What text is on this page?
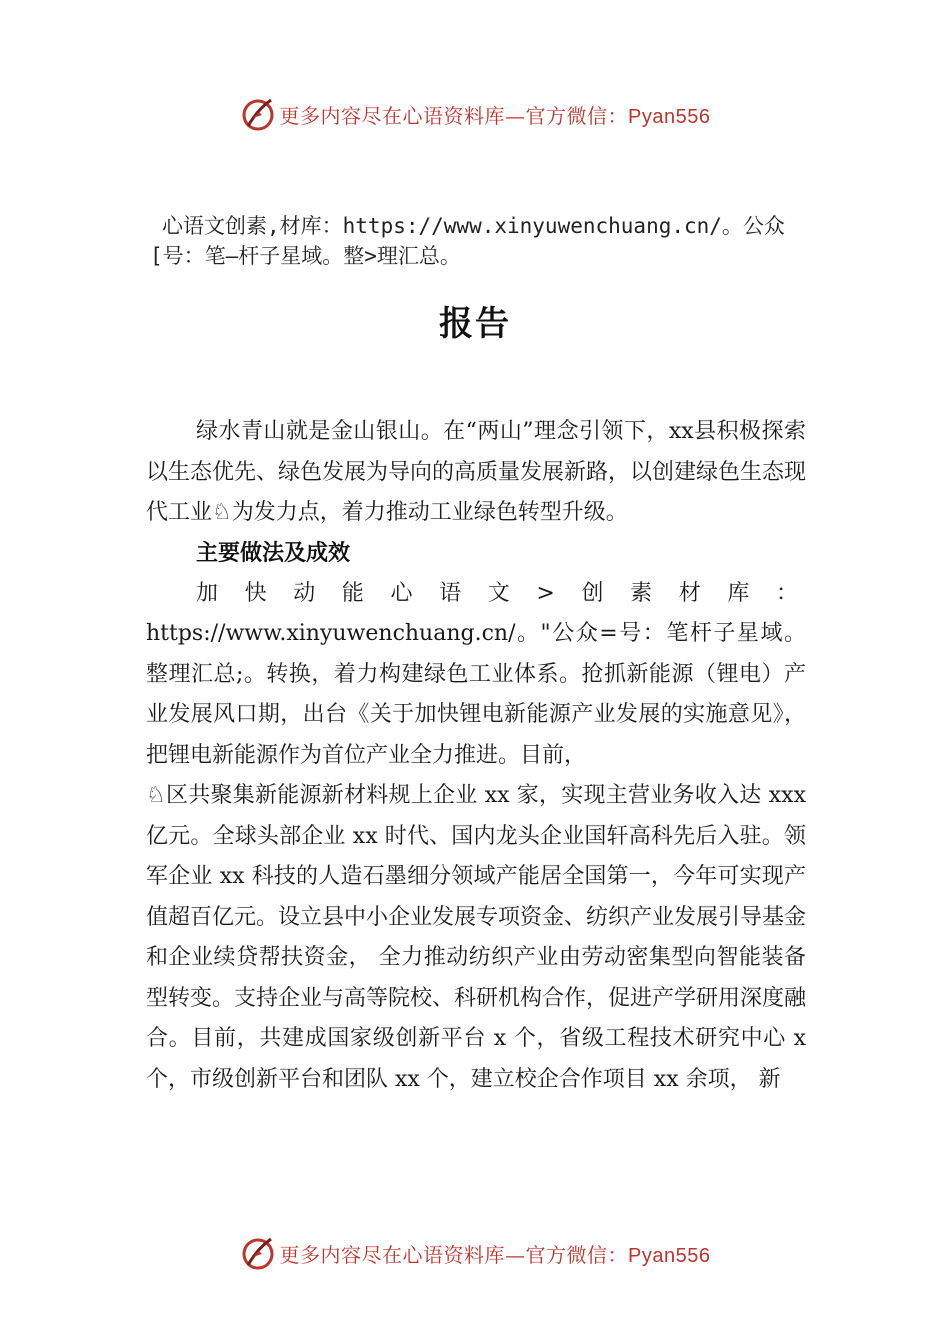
更多内容尽在心语资料库—官方微信：Pyan556
心语文创素,材库：https://www.xinyuwenchuang.cn/。公众
[号：笔—杆子星域。整>理汇总。
报告

绿水青山就是金山银山。在“两山”理念引领下，xx县积极探索以生态优先、绿色发展为导向的高质量发展新路，以创建绿色生态现代工业♘为发力点，着力推动工业绿色转型升级。

主要做法及成效

加快动能心语文>创素材库：https://www.xinyuwenchuang.cn/。"公众=号：笔杆子星域。整理汇总;。转换，着力构建绿色工业体系。抢抓新能源（锂电）产业发展风口期，出台《关于加快锂电新能源产业发展的实施意见》，把锂电新能源作为首位产业全力推进。目前，

♘区共聚集新能源新材料规上企业 xx 家，实现主营业务收入达 xxx 亿元。全球头部企业 xx 时代、国内龙头企业国轩高科先后入驻。领军企业 xx 科技的人造石墨细分领域产能居全国第一，今年可实现产值超百亿元。设立县中小企业发展专项资金、纺织产业发展引导基金和企业续贷帮扶资金， 全力推动纺织产业由劳动密集型向智能装备型转变。支持企业与高等院校、科研机构合作，促进产学研用深度融合。目前，共建成国家级创新平台 x 个，省级工程技术研究中心 x 个，市级创新平台和团队 xx 个，建立校企合作项目 xx 余项， 新

更多内容尽在心语资料库—官方微信：Pyan556
